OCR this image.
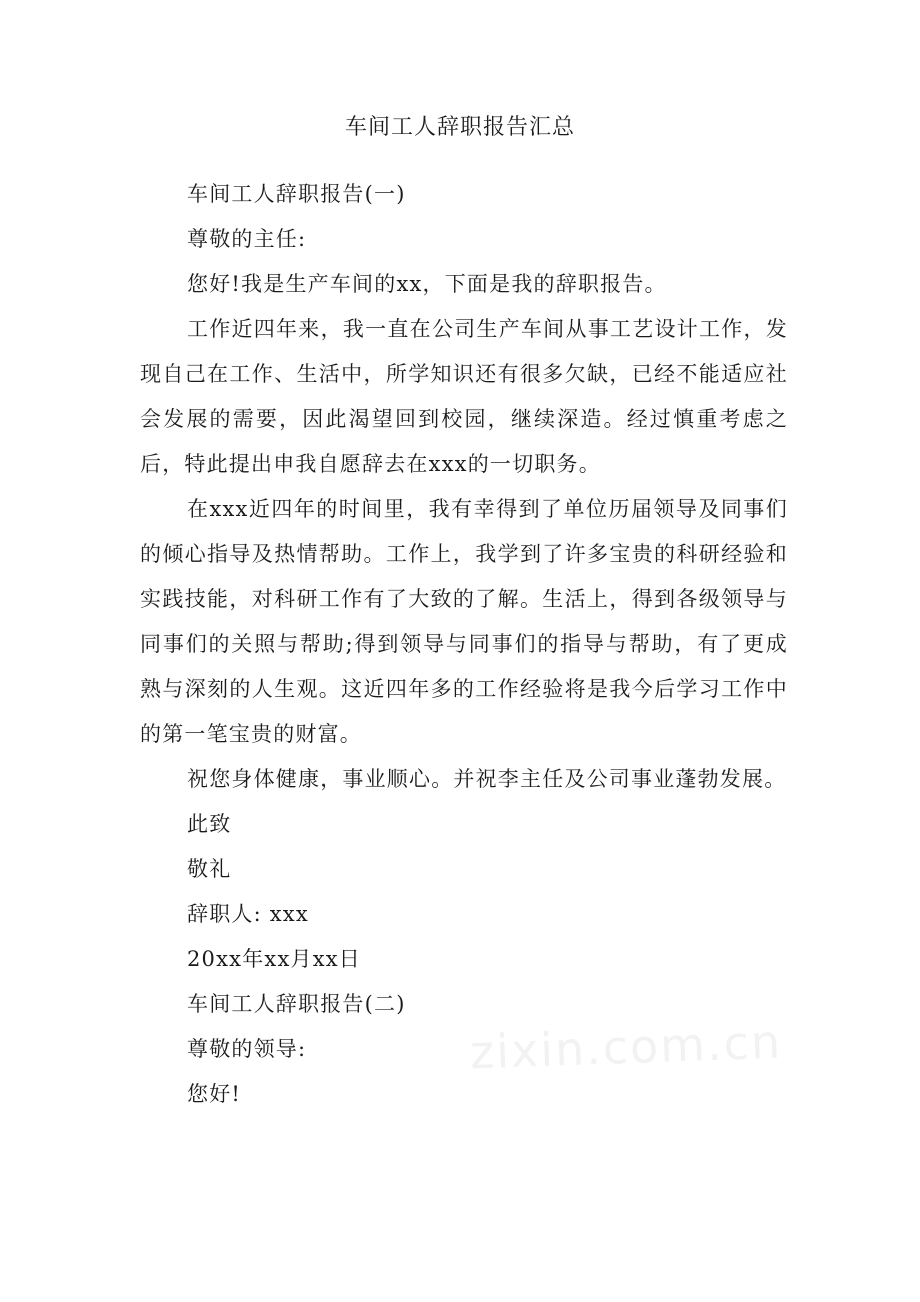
车间工人辞职报告汇总

车间工人辞职报告(一)

尊敬的主任:

您好!我是生产车间的xx，下面是我的辞职报告。

工作近四年来，我一直在公司生产车间从事工艺设计工作，发现自己在工作、生活中，所学知识还有很多欠缺，已经不能适应社会发展的需要，因此渴望回到校园，继续深造。经过慎重考虑之后，特此提出申我自愿辞去在xxx的一切职务。

在xxx近四年的时间里，我有幸得到了单位历届领导及同事们的倾心指导及热情帮助。工作上，我学到了许多宝贵的科研经验和实践技能，对科研工作有了大致的了解。生活上，得到各级领导与同事们的关照与帮助;得到领导与同事们的指导与帮助，有了更成熟与深刻的人生观。这近四年多的工作经验将是我今后学习工作中的第一笔宝贵的财富。

祝您身体健康，事业顺心。并祝李主任及公司事业蓬勃发展。

此致

敬礼

辞职人: xxx

20xx年xx月xx日

车间工人辞职报告(二)

尊敬的领导:

您好!

zixin.com.cn
